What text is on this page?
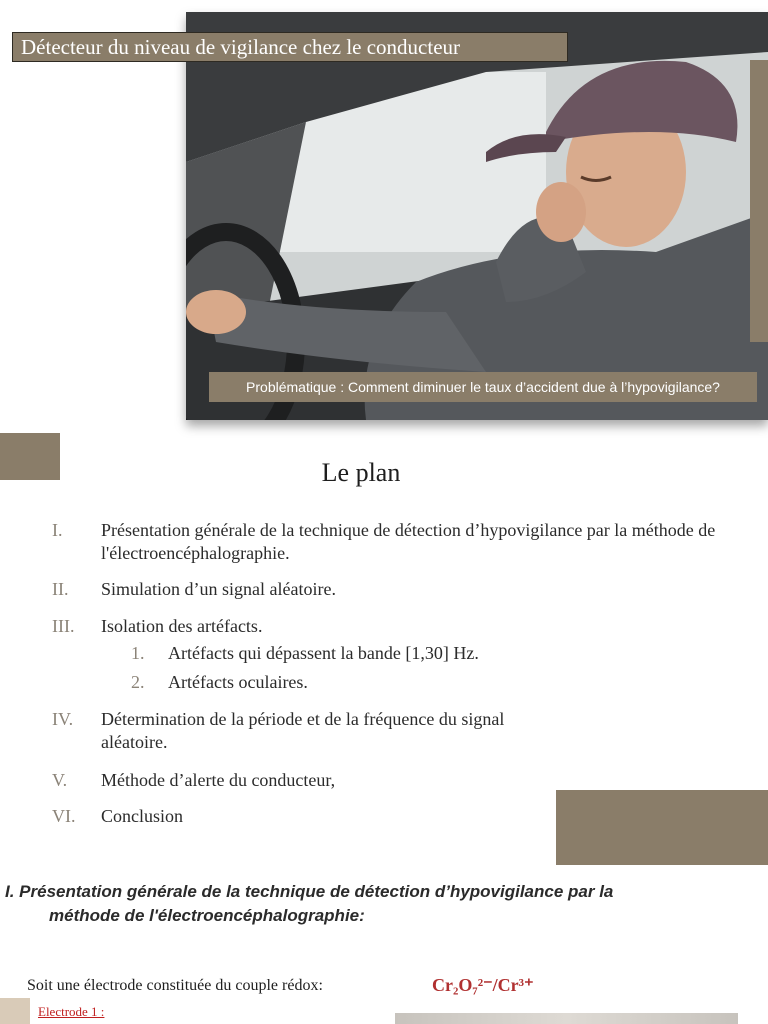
Détecteur du niveau de vigilance chez le conducteur
Problématique : Comment diminuer le taux d’accident due à l’hypovigilance?
Le plan
I. Présentation générale de la technique de détection d’hypovigilance par la méthode de l'électroencéphalographie.
II. Simulation d’un signal aléatoire.
III. Isolation des artéfacts.
1. Artéfacts qui dépassent la bande [1,30] Hz.
2. Artéfacts oculaires.
IV. Détermination de la période et de la fréquence du signal aléatoire.
V. Méthode d’alerte du conducteur,
VI. Conclusion
I. Présentation générale de la technique de détection d’hypovigilance par la
méthode de l'électroencéphalographie:
Soit une électrode constituée du couple rédox:	Cr₂O₇²⁻/Cr³⁺
Electrode 1 :
